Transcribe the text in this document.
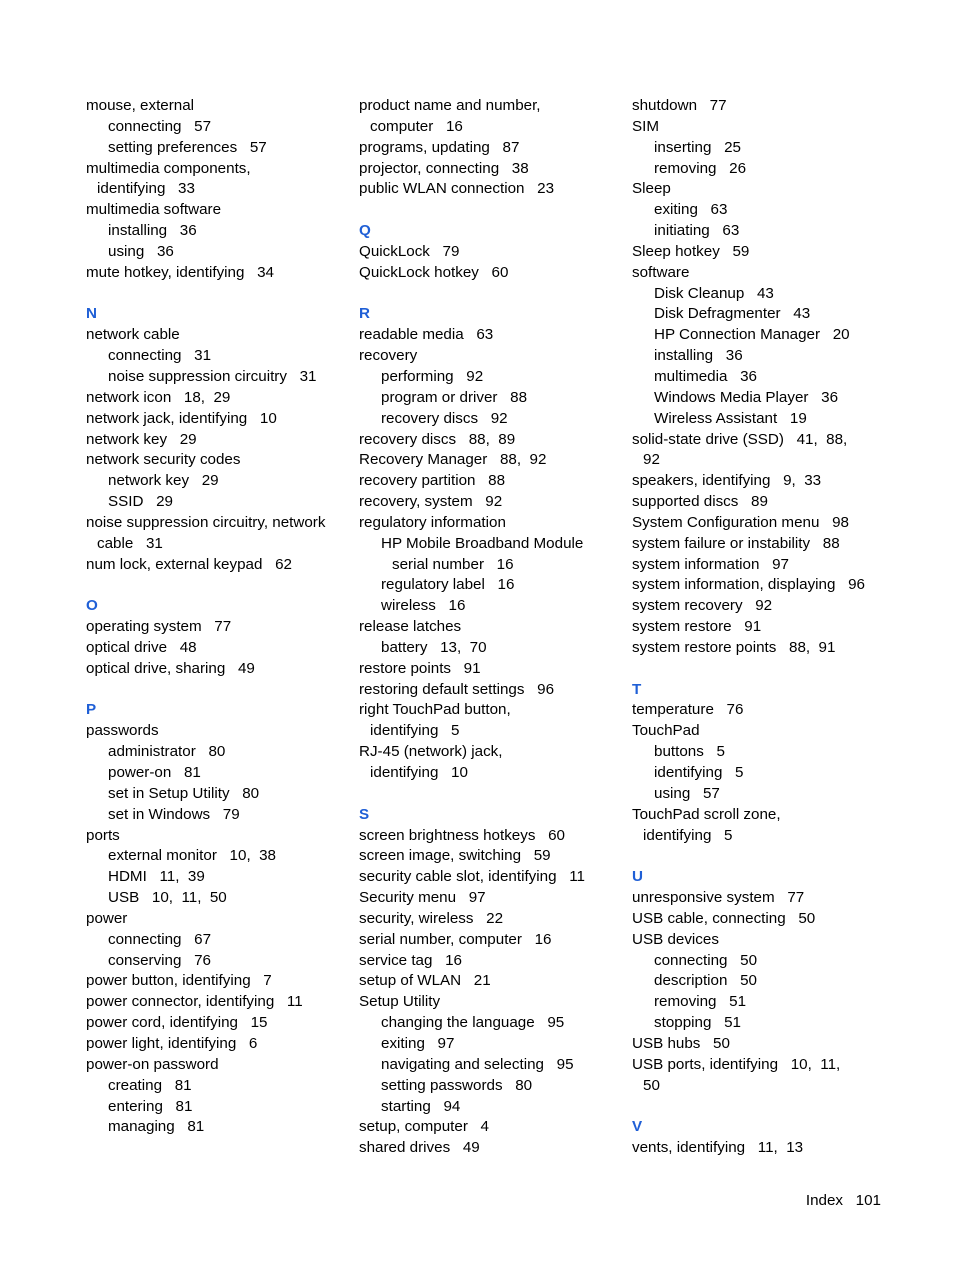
mouse, external
connecting   57
setting preferences   57
multimedia components,
identifying   33
multimedia software
installing   36
using   36
mute hotkey, identifying   34

N
network cable
connecting   31
noise suppression circuitry   31
network icon   18,  29
network jack, identifying   10
network key   29
network security codes
network key   29
SSID   29
noise suppression circuitry, network
cable   31
num lock, external keypad   62

O
operating system   77
optical drive   48
optical drive, sharing   49

P
passwords
administrator   80
power-on   81
set in Setup Utility   80
set in Windows   79
ports
external monitor   10,  38
HDMI   11,  39
USB   10,  11,  50
power
connecting   67
conserving   76
power button, identifying   7
power connector, identifying   11
power cord, identifying   15
power light, identifying   6
power-on password
creating   81
entering   81
managing   81
product name and number,
computer   16
programs, updating   87
projector, connecting   38
public WLAN connection   23

Q
QuickLock   79
QuickLock hotkey   60

R
readable media   63
recovery
performing   92
program or driver   88
recovery discs   92
recovery discs   88,  89
Recovery Manager   88,  92
recovery partition   88
recovery, system   92
regulatory information
HP Mobile Broadband Module
serial number   16
regulatory label   16
wireless   16
release latches
battery   13,  70
restore points   91
restoring default settings   96
right TouchPad button,
identifying   5
RJ-45 (network) jack,
identifying   10

S
screen brightness hotkeys   60
screen image, switching   59
security cable slot, identifying   11
Security menu   97
security, wireless   22
serial number, computer   16
service tag   16
setup of WLAN   21
Setup Utility
changing the language   95
exiting   97
navigating and selecting   95
setting passwords   80
starting   94
setup, computer   4
shared drives   49
shutdown   77
SIM
inserting   25
removing   26
Sleep
exiting   63
initiating   63
Sleep hotkey   59
software
Disk Cleanup   43
Disk Defragmenter   43
HP Connection Manager   20
installing   36
multimedia   36
Windows Media Player   36
Wireless Assistant   19
solid-state drive (SSD)   41,  88,
92
speakers, identifying   9,  33
supported discs   89
System Configuration menu   98
system failure or instability   88
system information   97
system information, displaying   96
system recovery   92
system restore   91
system restore points   88,  91

T
temperature   76
TouchPad
buttons   5
identifying   5
using   57
TouchPad scroll zone,
identifying   5

U
unresponsive system   77
USB cable, connecting   50
USB devices
connecting   50
description   50
removing   51
stopping   51
USB hubs   50
USB ports, identifying   10,  11,
50

V
vents, identifying   11,  13
Index   101
